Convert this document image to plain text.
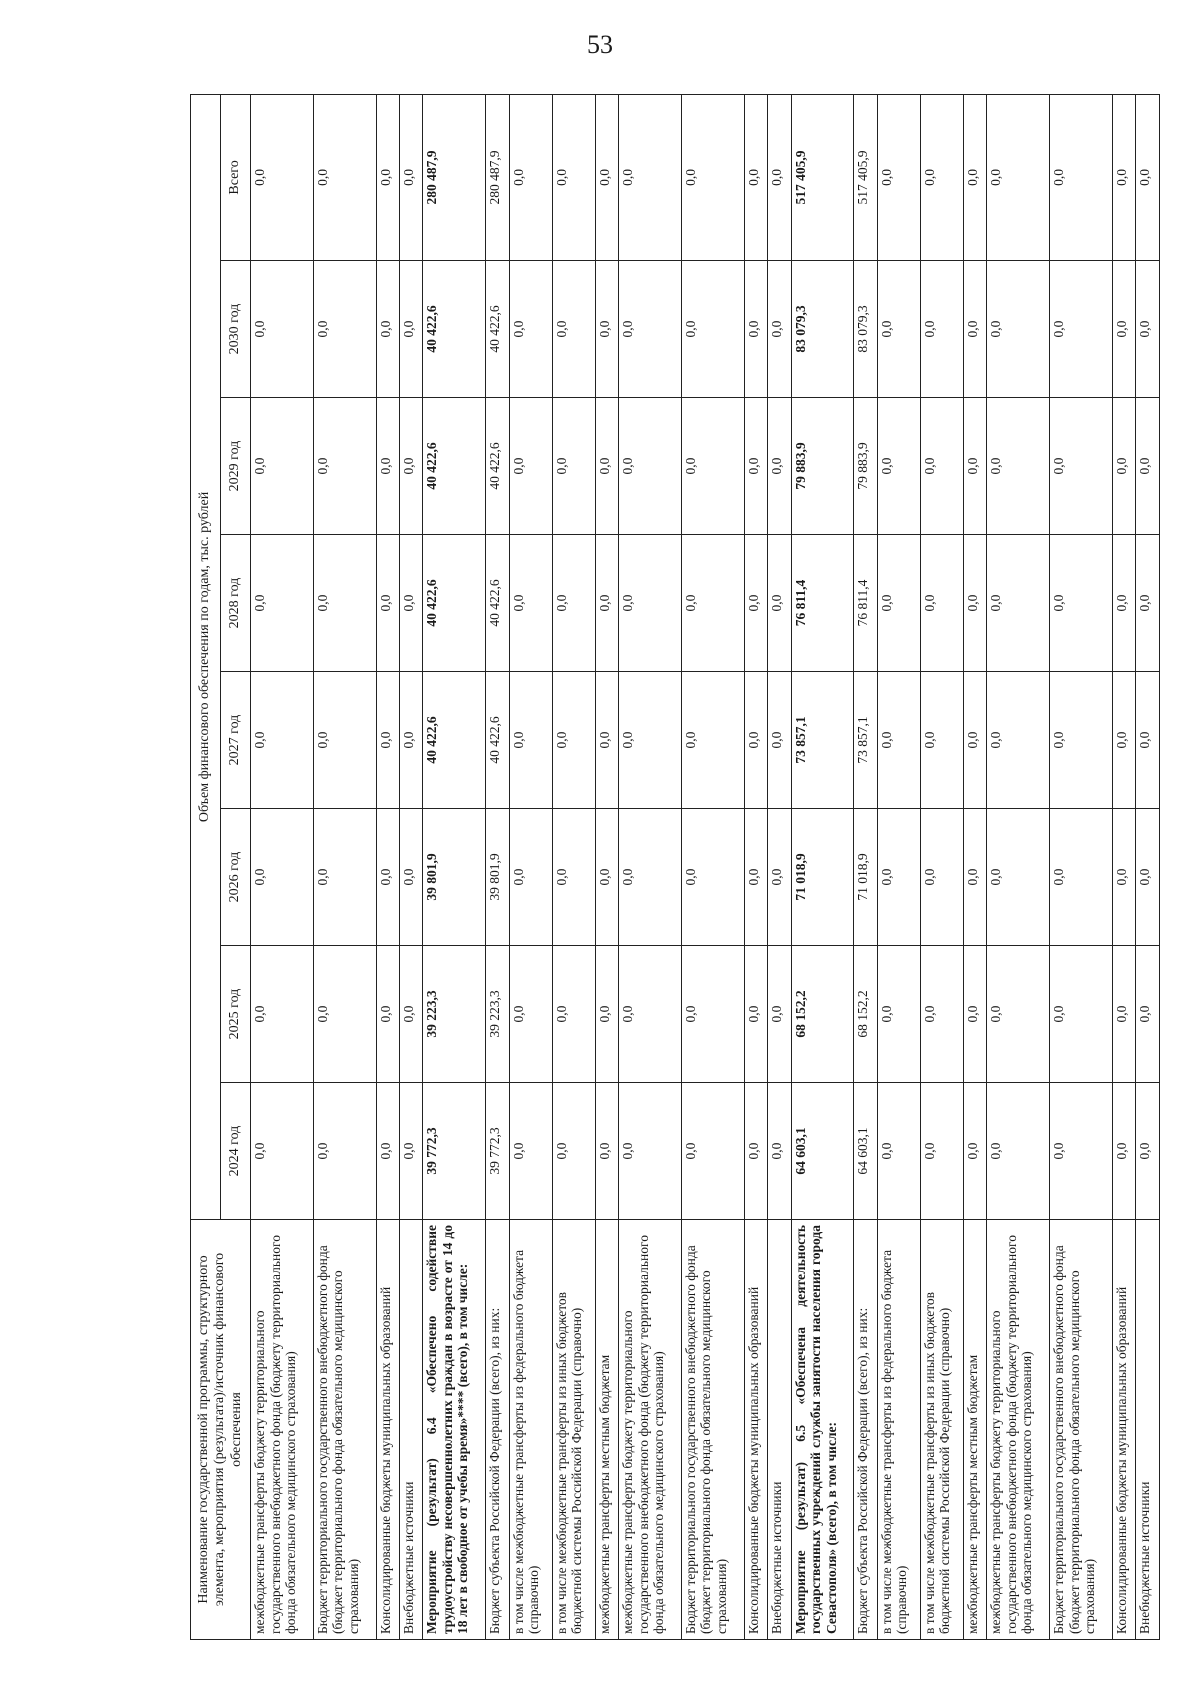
53
Наименование государственной программы, структурного элемента, мероприятия (результата)/источник финансового обеспечения	Объем финансового обеспечения по годам, тыс. рублей							
	2024 год	2025 год	2026 год	2027 год	2028 год	2029 год	2030 год	Всего
межбюджетные трансферты бюджету территориального государственного внебюджетного фонда (бюджету территориального фонда обязательного медицинского страхования)	0,0	0,0	0,0	0,0	0,0	0,0	0,0	0,0
Бюджет территориального государственного внебюджетного фонда (бюджет территориального фонда обязательного медицинского страхования)	0,0	0,0	0,0	0,0	0,0	0,0	0,0	0,0
Консолидированные бюджеты муниципальных образований	0,0	0,0	0,0	0,0	0,0	0,0	0,0	0,0
Внебюджетные источники	0,0	0,0	0,0	0,0	0,0	0,0	0,0	0,0
Мероприятие (результат) 6.4 «Обеспечено содействие трудоустройству несовершеннолетних граждан в возрасте от 14 до 18 лет в свободное от учебы время»**** (всего), в том числе:	39 772,3	39 223,3	39 801,9	40 422,6	40 422,6	40 422,6	40 422,6	280 487,9
Бюджет субъекта Российской Федерации (всего), из них:	39 772,3	39 223,3	39 801,9	40 422,6	40 422,6	40 422,6	40 422,6	280 487,9
в том числе межбюджетные трансферты из федерального бюджета (справочно)	0,0	0,0	0,0	0,0	0,0	0,0	0,0	0,0
в том числе межбюджетные трансферты из иных бюджетов бюджетной системы Российской Федерации (справочно)	0,0	0,0	0,0	0,0	0,0	0,0	0,0	0,0
межбюджетные трансферты местным бюджетам	0,0	0,0	0,0	0,0	0,0	0,0	0,0	0,0
межбюджетные трансферты бюджету территориального государственного внебюджетного фонда (бюджету территориального фонда обязательного медицинского страхования)	0,0	0,0	0,0	0,0	0,0	0,0	0,0	0,0
Бюджет территориального государственного внебюджетного фонда (бюджет территориального фонда обязательного медицинского страхования)	0,0	0,0	0,0	0,0	0,0	0,0	0,0	0,0
Консолидированные бюджеты муниципальных образований	0,0	0,0	0,0	0,0	0,0	0,0	0,0	0,0
Внебюджетные источники	0,0	0,0	0,0	0,0	0,0	0,0	0,0	0,0
Мероприятие (результат) 6.5 «Обеспечена деятельность государственных учреждений службы занятости населения города Севастополя» (всего), в том числе:	64 603,1	68 152,2	71 018,9	73 857,1	76 811,4	79 883,9	83 079,3	517 405,9
Бюджет субъекта Российской Федерации (всего), из них:	64 603,1	68 152,2	71 018,9	73 857,1	76 811,4	79 883,9	83 079,3	517 405,9
в том числе межбюджетные трансферты из федерального бюджета (справочно)	0,0	0,0	0,0	0,0	0,0	0,0	0,0	0,0
в том числе межбюджетные трансферты из иных бюджетов бюджетной системы Российской Федерации (справочно)	0,0	0,0	0,0	0,0	0,0	0,0	0,0	0,0
межбюджетные трансферты местным бюджетам	0,0	0,0	0,0	0,0	0,0	0,0	0,0	0,0
межбюджетные трансферты бюджету территориального государственного внебюджетного фонда (бюджету территориального фонда обязательного медицинского страхования)	0,0	0,0	0,0	0,0	0,0	0,0	0,0	0,0
Бюджет территориального государственного внебюджетного фонда (бюджет территориального фонда обязательного медицинского страхования)	0,0	0,0	0,0	0,0	0,0	0,0	0,0	0,0
Консолидированные бюджеты муниципальных образований	0,0	0,0	0,0	0,0	0,0	0,0	0,0	0,0
Внебюджетные источники	0,0	0,0	0,0	0,0	0,0	0,0	0,0	0,0
